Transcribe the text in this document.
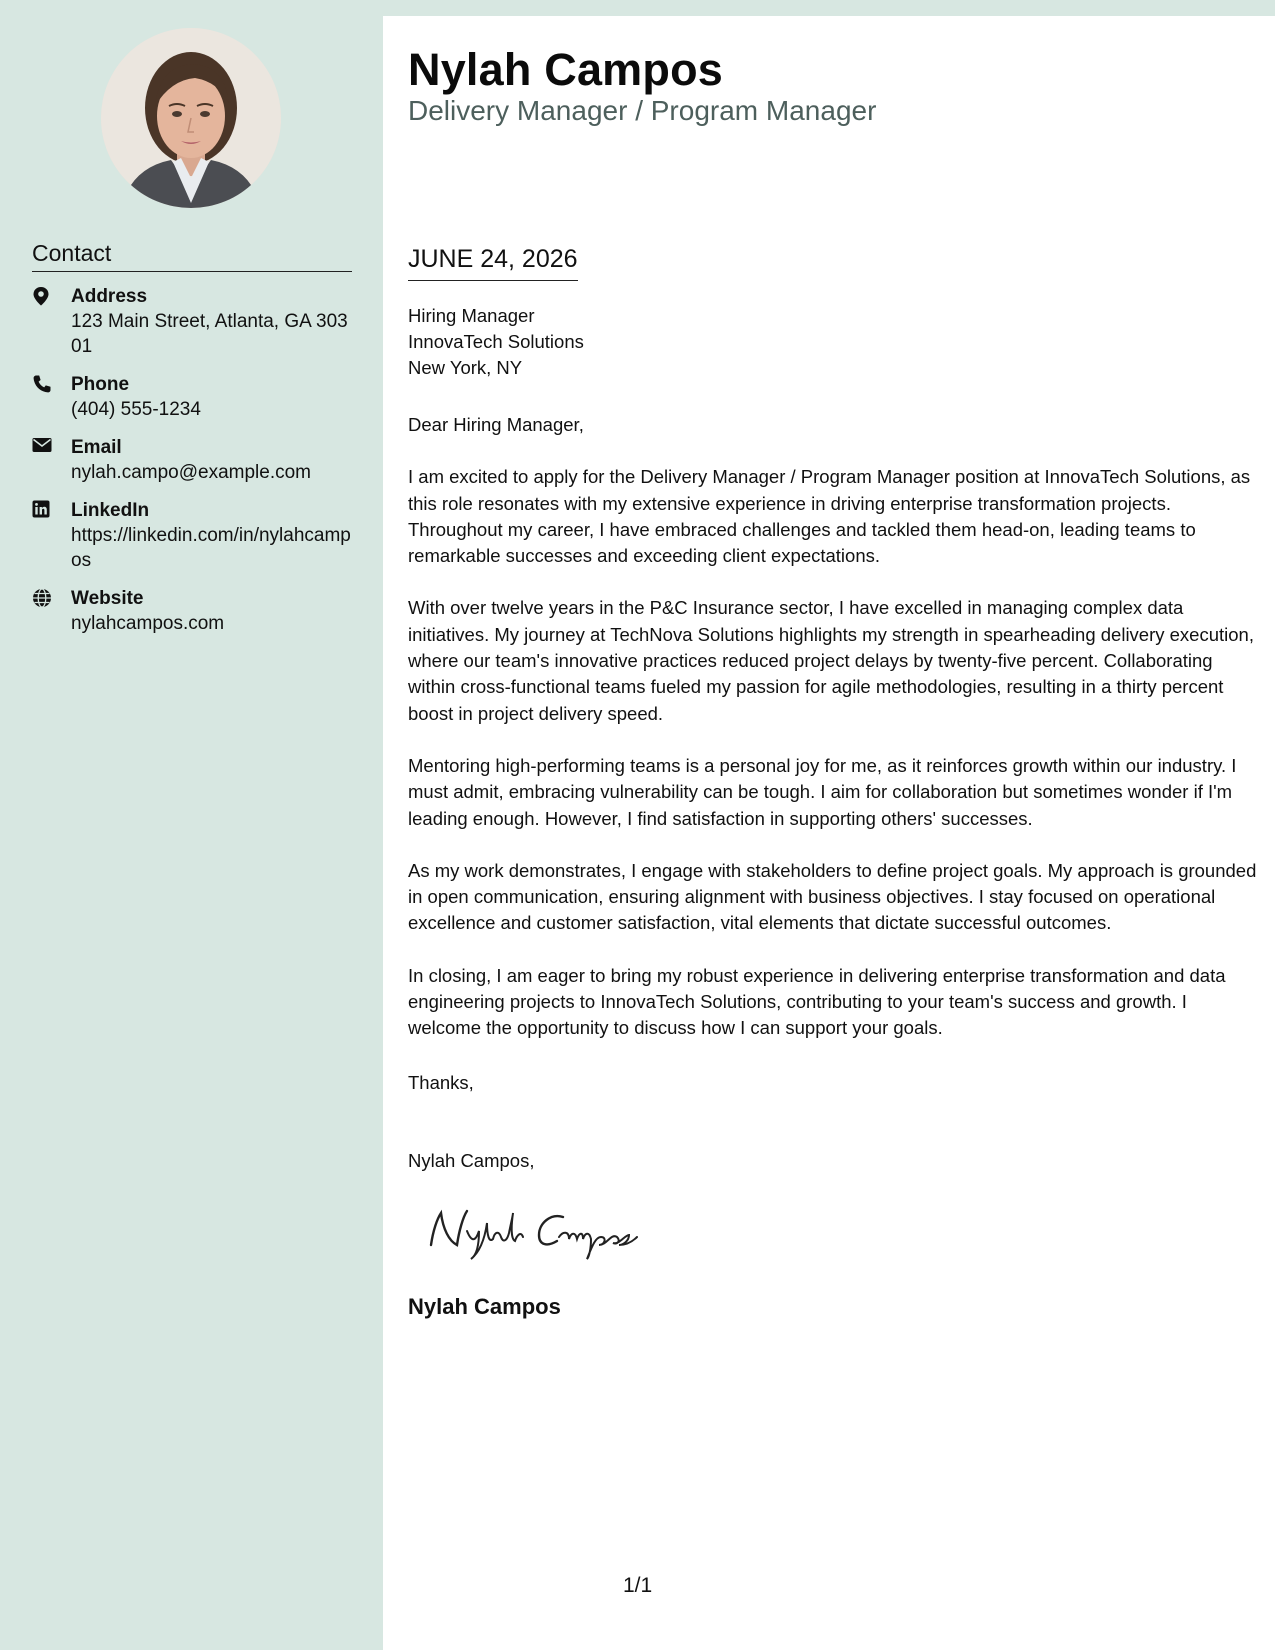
Contact
Address
123 Main Street, Atlanta, GA 30301
Phone
(404) 555-1234
Email
nylah.campo@example.com
LinkedIn
https://linkedin.com/in/nylahcampos
Website
nylahcampos.com
Nylah Campos
Delivery Manager / Program Manager
JUNE 24, 2026
Hiring Manager
InnovaTech Solutions
New York, NY

Dear Hiring Manager,

I am excited to apply for the Delivery Manager / Program Manager position at InnovaTech Solutions, as this role resonates with my extensive experience in driving enterprise transformation projects. Throughout my career, I have embraced challenges and tackled them head-on, leading teams to remarkable successes and exceeding client expectations.

With over twelve years in the P&C Insurance sector, I have excelled in managing complex data initiatives. My journey at TechNova Solutions highlights my strength in spearheading delivery execution, where our team's innovative practices reduced project delays by twenty-five percent. Collaborating within cross-functional teams fueled my passion for agile methodologies, resulting in a thirty percent boost in project delivery speed.

Mentoring high-performing teams is a personal joy for me, as it reinforces growth within our industry. I must admit, embracing vulnerability can be tough. I aim for collaboration but sometimes wonder if I'm leading enough. However, I find satisfaction in supporting others' successes.

As my work demonstrates, I engage with stakeholders to define project goals. My approach is grounded in open communication, ensuring alignment with business objectives. I stay focused on operational excellence and customer satisfaction, vital elements that dictate successful outcomes.

In closing, I am eager to bring my robust experience in delivering enterprise transformation and data engineering projects to InnovaTech Solutions, contributing to your team's success and growth. I welcome the opportunity to discuss how I can support your goals.

Thanks,
Nylah Campos,
Nylah Campos
1/1
